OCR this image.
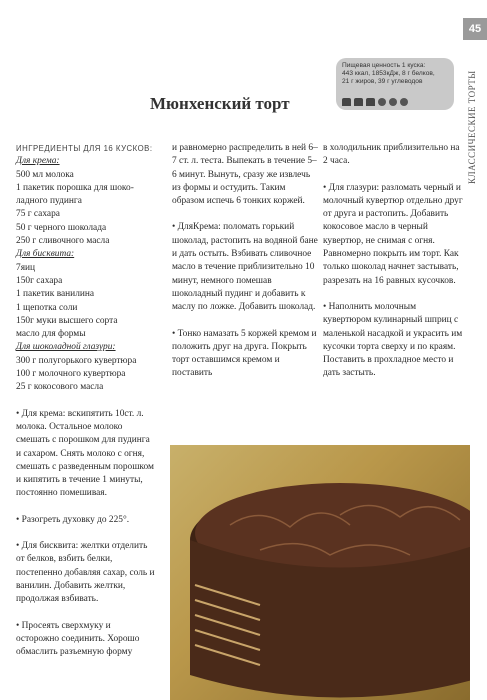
45
КЛАССИЧЕСКИЕ ТОРТЫ
Пищевая ценность 1 куска:
443 ккал, 1853кДж, 8 г белков,
21 г жиров, 39 г углеводов
Мюнхенский торт
ИНГРЕДИЕНТЫ ДЛЯ 16 КУСКОВ:
Для крема:
500 мл молока
1 пакетик порошка для шоко-
ладного пудинга
75 г сахара
50 г черного шоколада
250 г сливочного масла
Для бисквита:
7яиц
150г сахара
1 пакетик ванилина
1 щепотка соли
150г муки высшего сорта
масло для формы
Для шоколадной глазури:
300 г полугорького кувертюра
100 г молочного кувертюра
25 г кокосового масла
• Для крема: вскипятить 10ст. л. молока. Остальное молоко смешать с порошком для пудинга и сахаром. Снять молоко с огня, смешать с разведенным порошком и кипятить в течение 1 минуты, постоянно помешивая.
• Разогреть духовку до 225°.
• Для бисквита: желтки отделить от белков, взбить белки, постепенно добавляя сахар, соль и ванилин. Добавить желтки, продолжая взбивать.
• Просеять сверхмуку и осторожно соединить. Хорошо обмаслить разъемную форму
и равномерно распределить в ней 6–7 ст. л. теста. Выпекать в течение 5–6 минут. Вынуть, сразу же извлечь из формы и остудить. Таким образом испечь 6 тонких коржей.
• ДляКрема: поломать горький шоколад, растопить на водяной бане и дать остыть. Взбивать сливочное масло в течение приблизительно 10 минут, немного помешав шоколадный пудинг и добавить к маслу по ложке. Добавить шоколад.
• Тонко намазать 5 коржей кремом и положить друг на друга. Покрыть торт оставшимся кремом и поставить
в холодильник приблизительно на 2 часа.
• Для глазури: разломать черный и молочный кувертюр отдельно друг от друга и растопить. Добавить кокосовое масло в черный кувертюр, не снимая с огня. Равномерно покрыть им торт. Как только шоколад начнет застывать, разрезать на 16 равных кусочков.
• Наполнить молочным кувертюром кулинарный шприц с маленькой насадкой и украсить им кусочки торта сверху и по краям. Поставить в прохладное место и дать застыть.
